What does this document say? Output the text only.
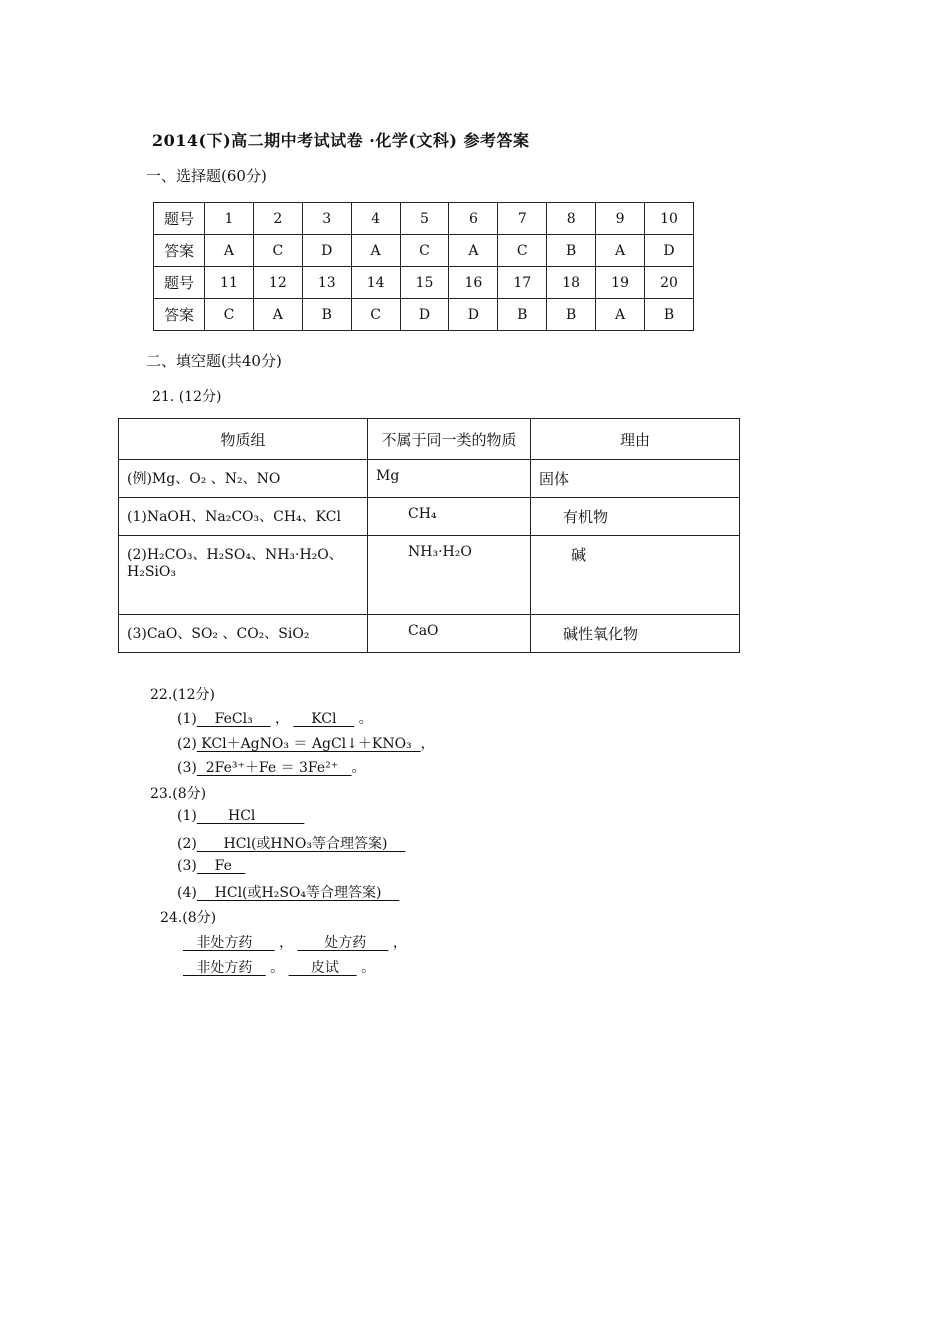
2014(下)高二期中考试试卷 ·化学(文科) 参考答案
一、选择题(60分)
题号	1	2	3	4	5	6	7	8	9	10
答案	A	C	D	A	C	A	C	B	A	D
题号	11	12	13	14	15	16	17	18	19	20
答案	C	A	B	C	D	D	B	B	A	B
二、填空题(共40分)
21. (12分)
物质组	不属于同一类的物质	理由
(例)Mg、O₂ 、N₂、NO	Mg	固体
(1)NaOH、Na₂CO₃、CH₄、KCl	CH₄	有机物
(2)H₂CO₃、H₂SO₄、NH₃·H₂O、H₂SiO₃	NH₃·H₂O	碱
(3)CaO、SO₂ 、CO₂、SiO₂	CaO	碱性氧化物
22.(12分)
(1)    FeCl₃     ，     KCl     。
(2) KCl＋AgNO₃ ＝ AgCl↓＋KNO₃  ，
(3)  2Fe³⁺＋Fe ＝ 3Fe²⁺   。
23.(8分)
(1)       HCl
(2)      HCl(或HNO₃等合理答案)
(3)    Fe
(4)    HCl(或H₂SO₄等合理答案)
24.(8分)
非处方药      ，       处方药      ，
非处方药    。      皮试     。
